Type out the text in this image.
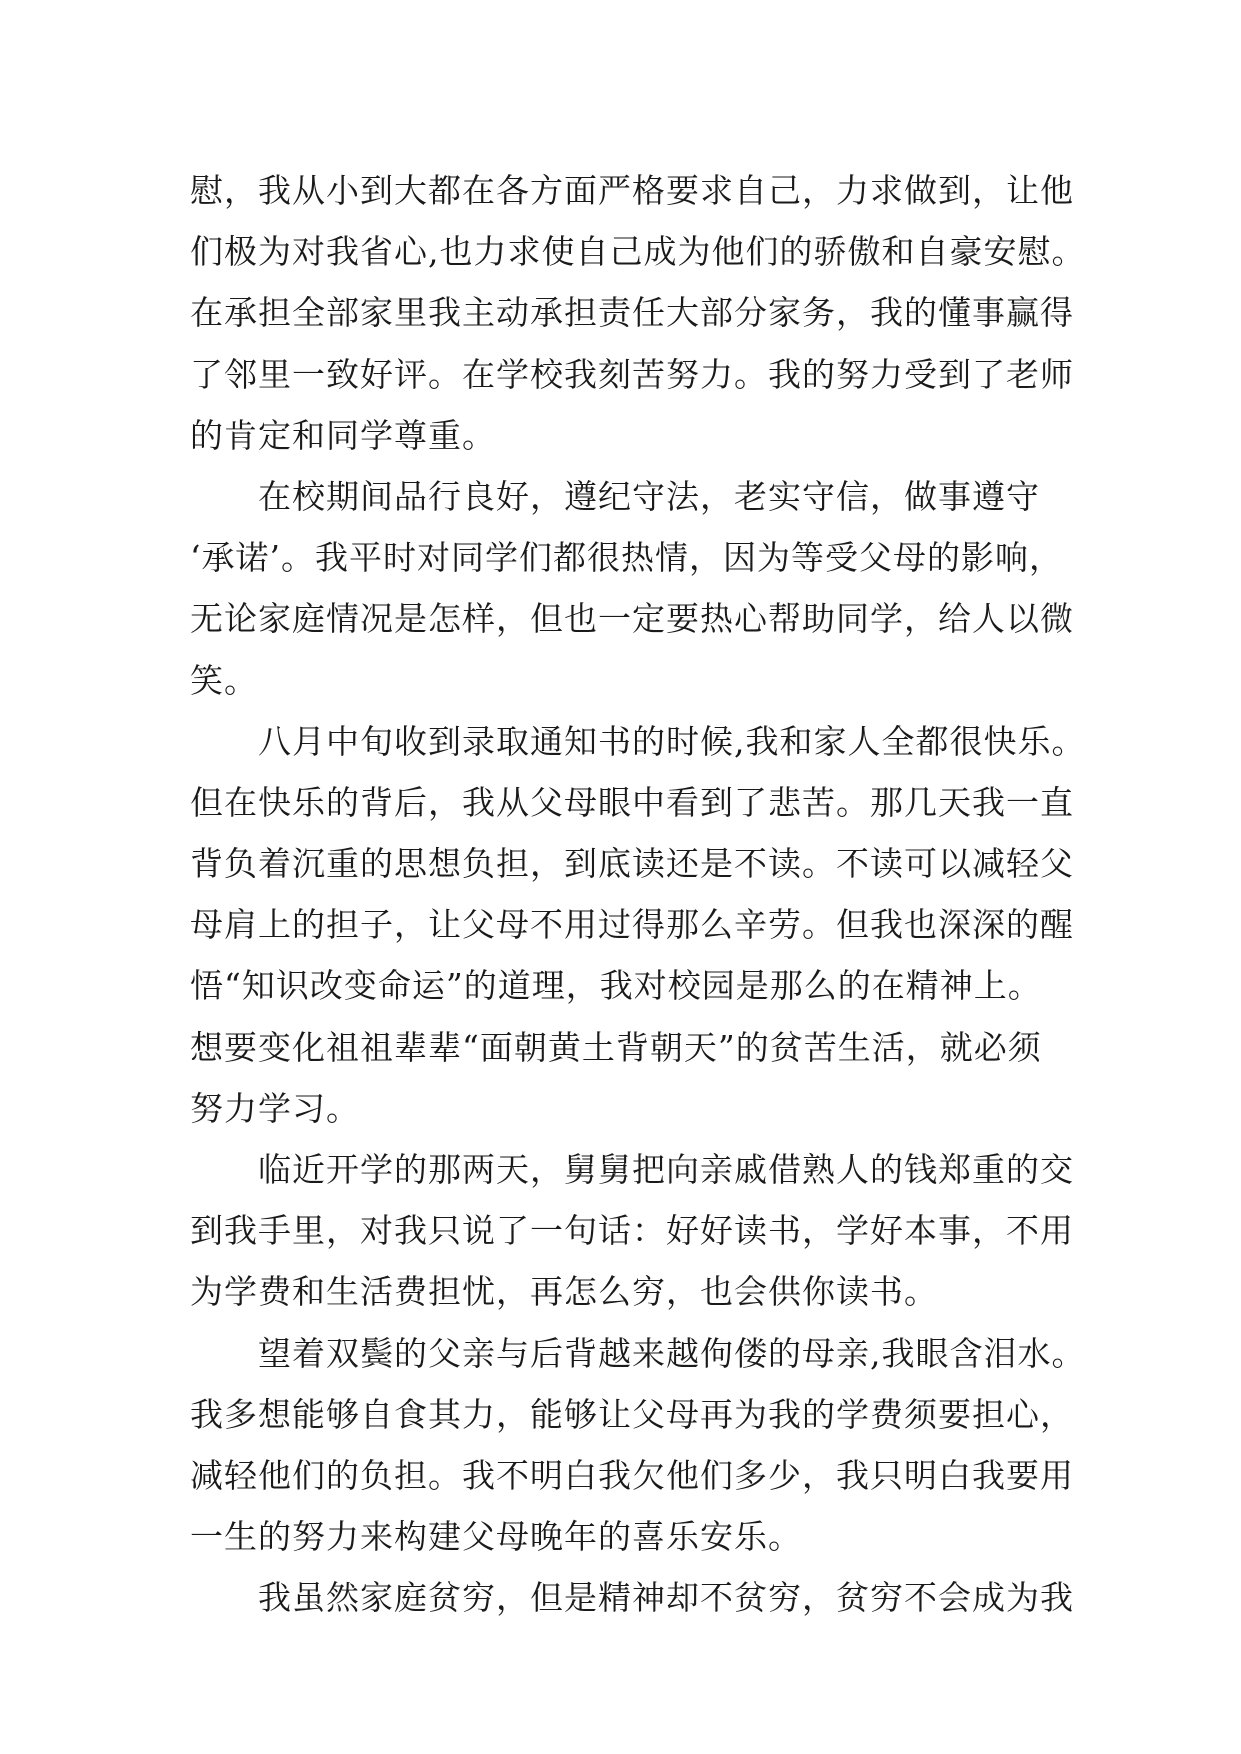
慰，我从小到大都在各方面严格要求自己，力求做到，让他
们极为对我省心,也力求使自己成为他们的骄傲和自豪安慰。
在承担全部家里我主动承担责任大部分家务，我的懂事赢得
了邻里一致好评。在学校我刻苦努力。我的努力受到了老师
的肯定和同学尊重。
在校期间品行良好，遵纪守法，老实守信，做事遵守
‘承诺’。我平时对同学们都很热情，因为等受父母的影响，
无论家庭情况是怎样，但也一定要热心帮助同学，给人以微
笑。
八月中旬收到录取通知书的时候,我和家人全都很快乐。
但在快乐的背后，我从父母眼中看到了悲苦。那几天我一直
背负着沉重的思想负担，到底读还是不读。不读可以减轻父
母肩上的担子，让父母不用过得那么辛劳。但我也深深的醒
悟“知识改变命运”的道理，我对校园是那么的在精神上。
想要变化祖祖辈辈“面朝黄土背朝天”的贫苦生活，就必须
努力学习。
临近开学的那两天，舅舅把向亲戚借熟人的钱郑重的交
到我手里，对我只说了一句话：好好读书，学好本事，不用
为学费和生活费担忧，再怎么穷，也会供你读书。
望着双鬓的父亲与后背越来越佝偻的母亲,我眼含泪水。
我多想能够自食其力，能够让父母再为我的学费须要担心，
减轻他们的负担。我不明白我欠他们多少，我只明白我要用
一生的努力来构建父母晚年的喜乐安乐。
我虽然家庭贫穷，但是精神却不贫穷，贫穷不会成为我
